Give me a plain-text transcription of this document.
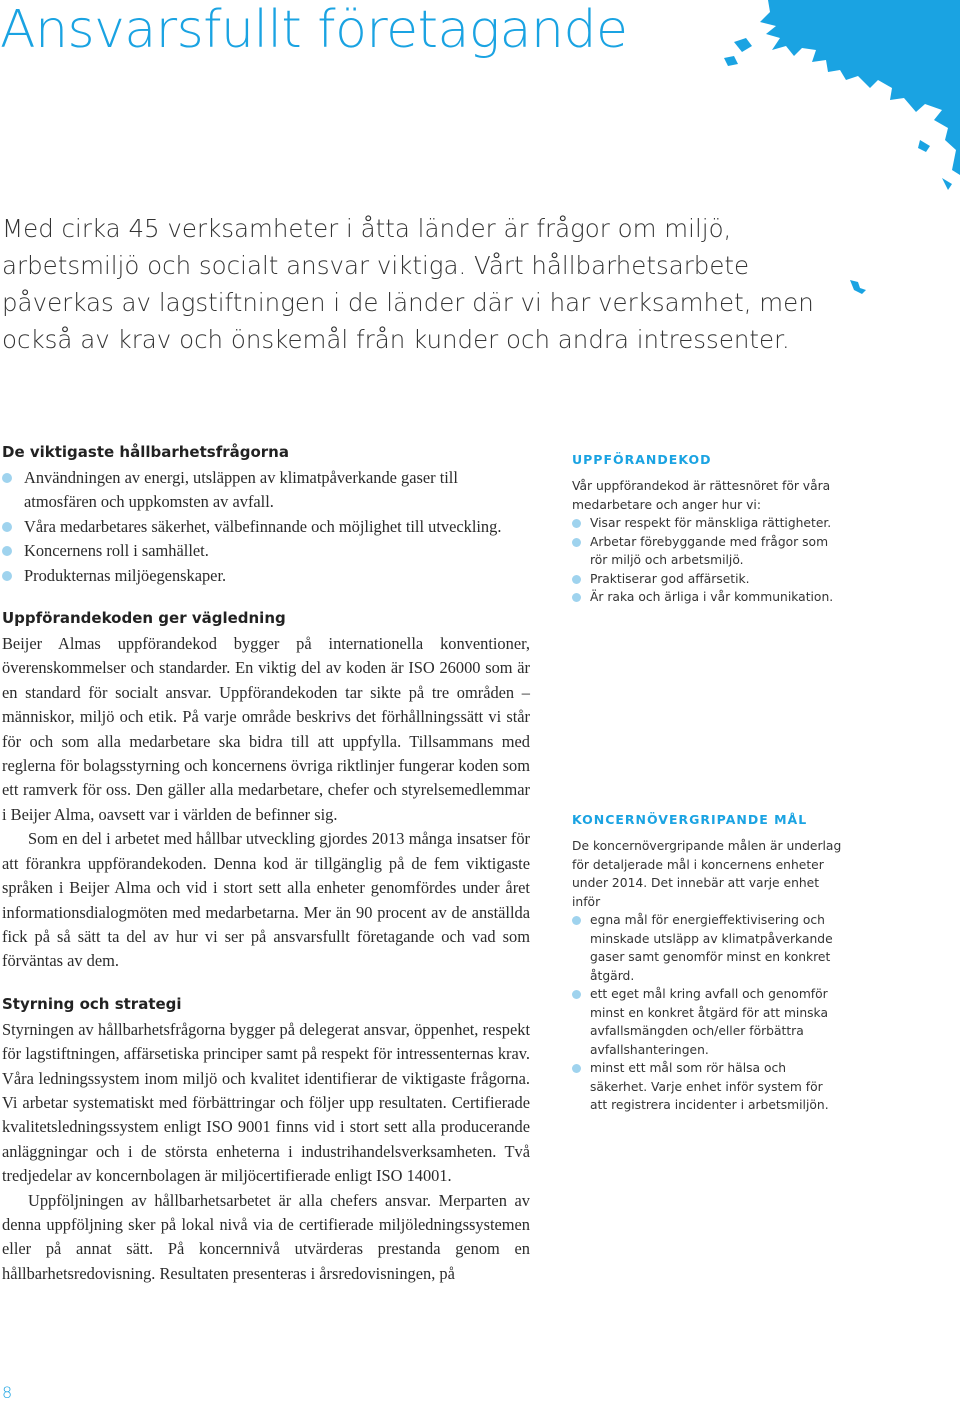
Ansvarsfullt företagande

Med cirka 45 verksamheter i åtta länder är frågor om miljö, arbetsmiljö och socialt ansvar viktiga. Vårt hållbarhetsarbete påverkas av lagstiftningen i de länder där vi har verksamhet, men också av krav och önskemål från kunder och andra intressenter.

De viktigaste hållbarhetsfrågorna
Användningen av energi, utsläppen av klimatpåverkande gaser till atmosfären och uppkomsten av avfall.
Våra medarbetares säkerhet, välbefinnande och möjlighet till utveckling.
Koncernens roll i samhället.
Produkternas miljöegenskaper.
Uppförandekoden ger vägledning

Beijer Almas uppförandekod bygger på internationella konventioner, överenskommelser och standarder. En viktig del av koden är ISO 26000 som är en standard för socialt ansvar. Uppförandekoden tar sikte på tre områden – människor, miljö och etik. På varje område beskrivs det förhållningssätt vi står för och som alla medarbetare ska bidra till att uppfylla. Tillsammans med reglerna för bolagsstyrning och koncernens övriga riktlinjer fungerar koden som ett ramverk för oss. Den gäller alla medarbetare, chefer och styrelsemedlemmar i Beijer Alma, oavsett var i världen de befinner sig.

Som en del i arbetet med hållbar utveckling gjordes 2013 många insatser för att förankra uppförandekoden. Denna kod är tillgänglig på de fem viktigaste språken i Beijer Alma och vid i stort sett alla enheter genomfördes under året informationsdialogmöten med medarbetarna. Mer än 90 procent av de anställda fick på så sätt ta del av hur vi ser på ansvarsfullt företagande och vad som förväntas av dem.

Styrning och strategi

Styrningen av hållbarhetsfrågorna bygger på delegerat ansvar, öppenhet, respekt för lagstiftningen, affärsetiska principer samt på respekt för intressenternas krav. Våra ledningssystem inom miljö och kvalitet identifierar de viktigaste frågorna. Vi arbetar systematiskt med förbättringar och följer upp resultaten. Certifierade kvalitetsledningssystem enligt ISO 9001 finns vid i stort sett alla producerande anläggningar och i de största enheterna i industrihandelsverksamheten. Två tredjedelar av koncernbolagen är miljöcertifierade enligt ISO 14001.

Uppföljningen av hållbarhetsarbetet är alla chefers ansvar. Merparten av denna uppföljning sker på lokal nivå via de certifierade miljöledningssystemen eller på annat sätt. På koncernnivå utvärderas prestanda genom en hållbarhetsredovisning. Resultaten presenteras i årsredovisningen, på

UPPFÖRANDEKOD

Vår uppförandekod är rättesnöret för våra medarbetare och anger hur vi:

Visar respekt för mänskliga rättigheter.
Arbetar förebyggande med frågor som rör miljö och arbetsmiljö.
Praktiserar god affärsetik.
Är raka och ärliga i vår kommunikation.
KONCERNÖVERGRIPANDE MÅL

De koncernövergripande målen är underlag för detaljerade mål i koncernens enheter under 2014. Det innebär att varje enhet inför

egna mål för energieffektivisering och minskade utsläpp av klimatpåverkande gaser samt genomför minst en konkret åtgärd.
ett eget mål kring avfall och genomför minst en konkret åtgärd för att minska avfallsmängden och/eller förbättra avfallshanteringen.
minst ett mål som rör hälsa och säkerhet. Varje enhet inför system för att registrera incidenter i arbetsmiljön.
8
